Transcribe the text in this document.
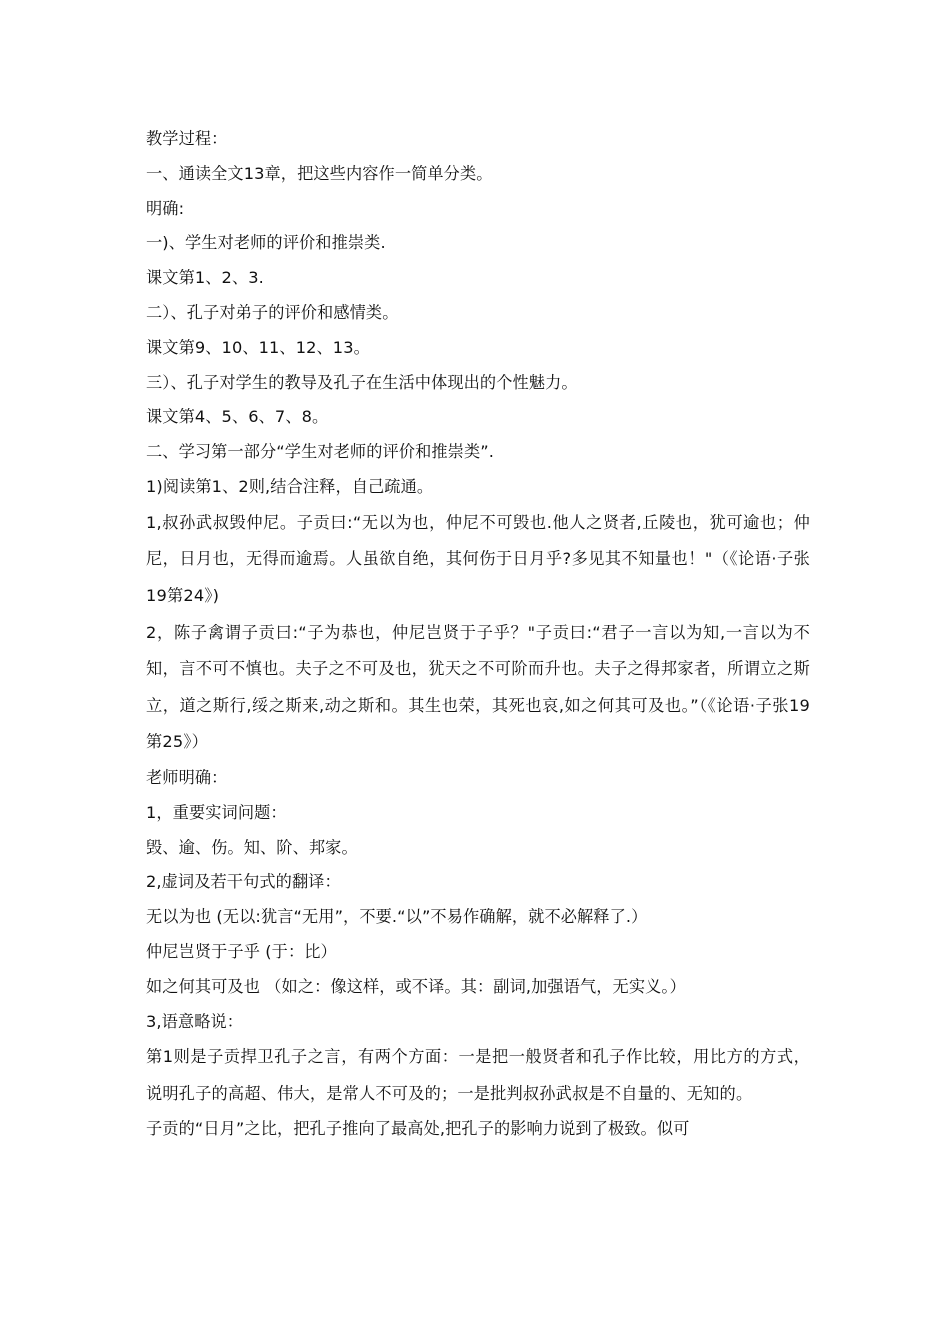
教学过程：

一、通读全文13章，把这些内容作一简单分类。

明确:

一)、学生对老师的评价和推崇类.

课文第1、2、3.

二）、孔子对弟子的评价和感情类。

课文第9、10、11、12、13。

三）、孔子对学生的教导及孔子在生活中体现出的个性魅力。

课文第4、5、6、7、8。

二、学习第一部分“学生对老师的评价和推崇类”.

1)阅读第1、2则,结合注释，自己疏通。

1,叔孙武叔毁仲尼。子贡曰:“无以为也，仲尼不可毁也.他人之贤者,丘陵也，犹可逾也；仲尼，日月也，无得而逾焉。人虽欲自绝，其何伤于日月乎?多见其不知量也！"（《论语·子张19第24》)

2，陈子禽谓子贡曰:“子为恭也，仲尼岂贤于子乎？"子贡曰:“君子一言以为知,一言以为不知，言不可不慎也。夫子之不可及也，犹天之不可阶而升也。夫子之得邦家者，所谓立之斯立，道之斯行,绥之斯来,动之斯和。其生也荣，其死也哀,如之何其可及也。”（《论语·子张19第25》）

老师明确：

1，重要实词问题：

毁、逾、伤。知、阶、邦家。

2,虚词及若干句式的翻译：

无以为也 (无以:犹言“无用”，不要.“以”不易作确解，就不必解释了.）

仲尼岂贤于子乎 (于：比）

如之何其可及也 （如之：像这样，或不译。其：副词,加强语气，无实义。）

3,语意略说：

第1则是子贡捍卫孔子之言，有两个方面：一是把一般贤者和孔子作比较，用比方的方式，说明孔子的高超、伟大，是常人不可及的；一是批判叔孙武叔是不自量的、无知的。

子贡的“日月”之比，把孔子推向了最高处,把孔子的影响力说到了极致。似可
